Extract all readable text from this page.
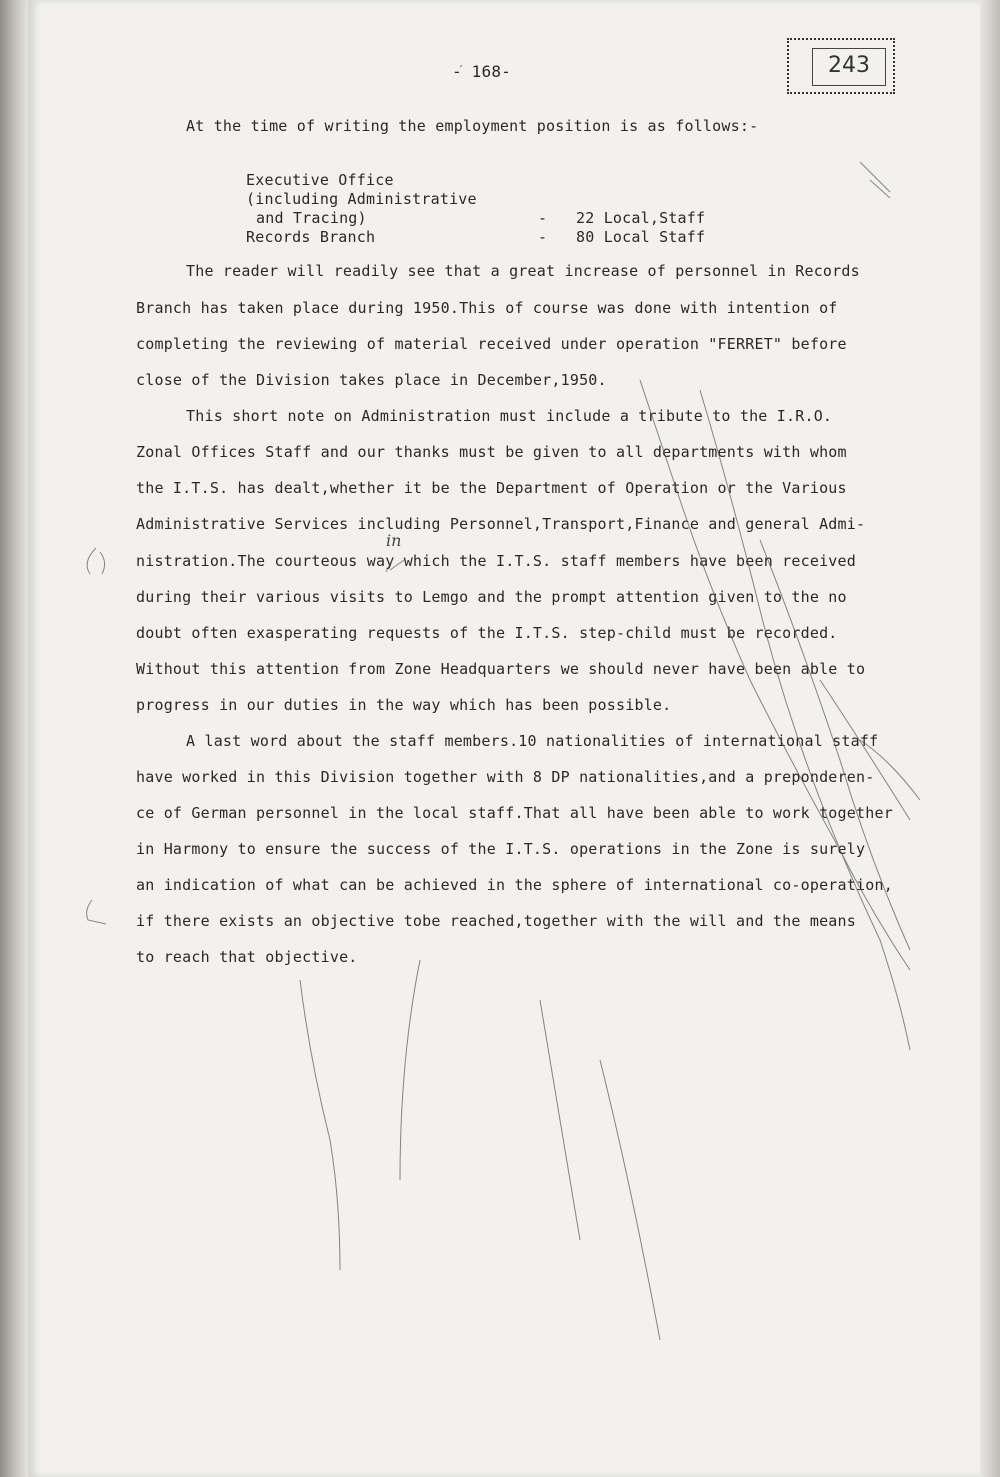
243
- 168-
At the time of writing the employment position is as follows:-
Executive Office
(including Administrative
and Tracing)	- 22 Local,Staff
Records Branch	- 80 Local Staff
The reader will readily see that a great increase of personnel in Records
Branch has taken place during 1950.This of course was done with intention of
completing the reviewing of material received under operation "FERRET" before
close of the Division takes place in December,1950.
This short note on Administration must include a tribute to the I.R.O.
Zonal Offices Staff and our thanks must be given to all departments with whom
the I.T.S. has dealt,whether it be the Department of Operation or the Various
Administrative Services including Personnel,Transport,Finance and general Admi-
in
nistration.The courteous way which the I.T.S. staff members have been received
during their various visits to Lemgo and the prompt attention given to the no
doubt often exasperating requests of the I.T.S. step-child must be recorded.
Without this attention from Zone Headquarters we should never have been able to
progress in our duties in the way which has been possible.
A last word about the staff members.10 nationalities of international staff
have worked in this Division together with 8 DP nationalities,and a preponderen-
ce of German personnel in the local staff.That all have been able to work together
in Harmony to ensure the success of the I.T.S. operations in the Zone is surely
an indication of what can be achieved in the sphere of international co-operation,
if there exists an objective tobe reached,together with the will and the means
to reach that objective.
